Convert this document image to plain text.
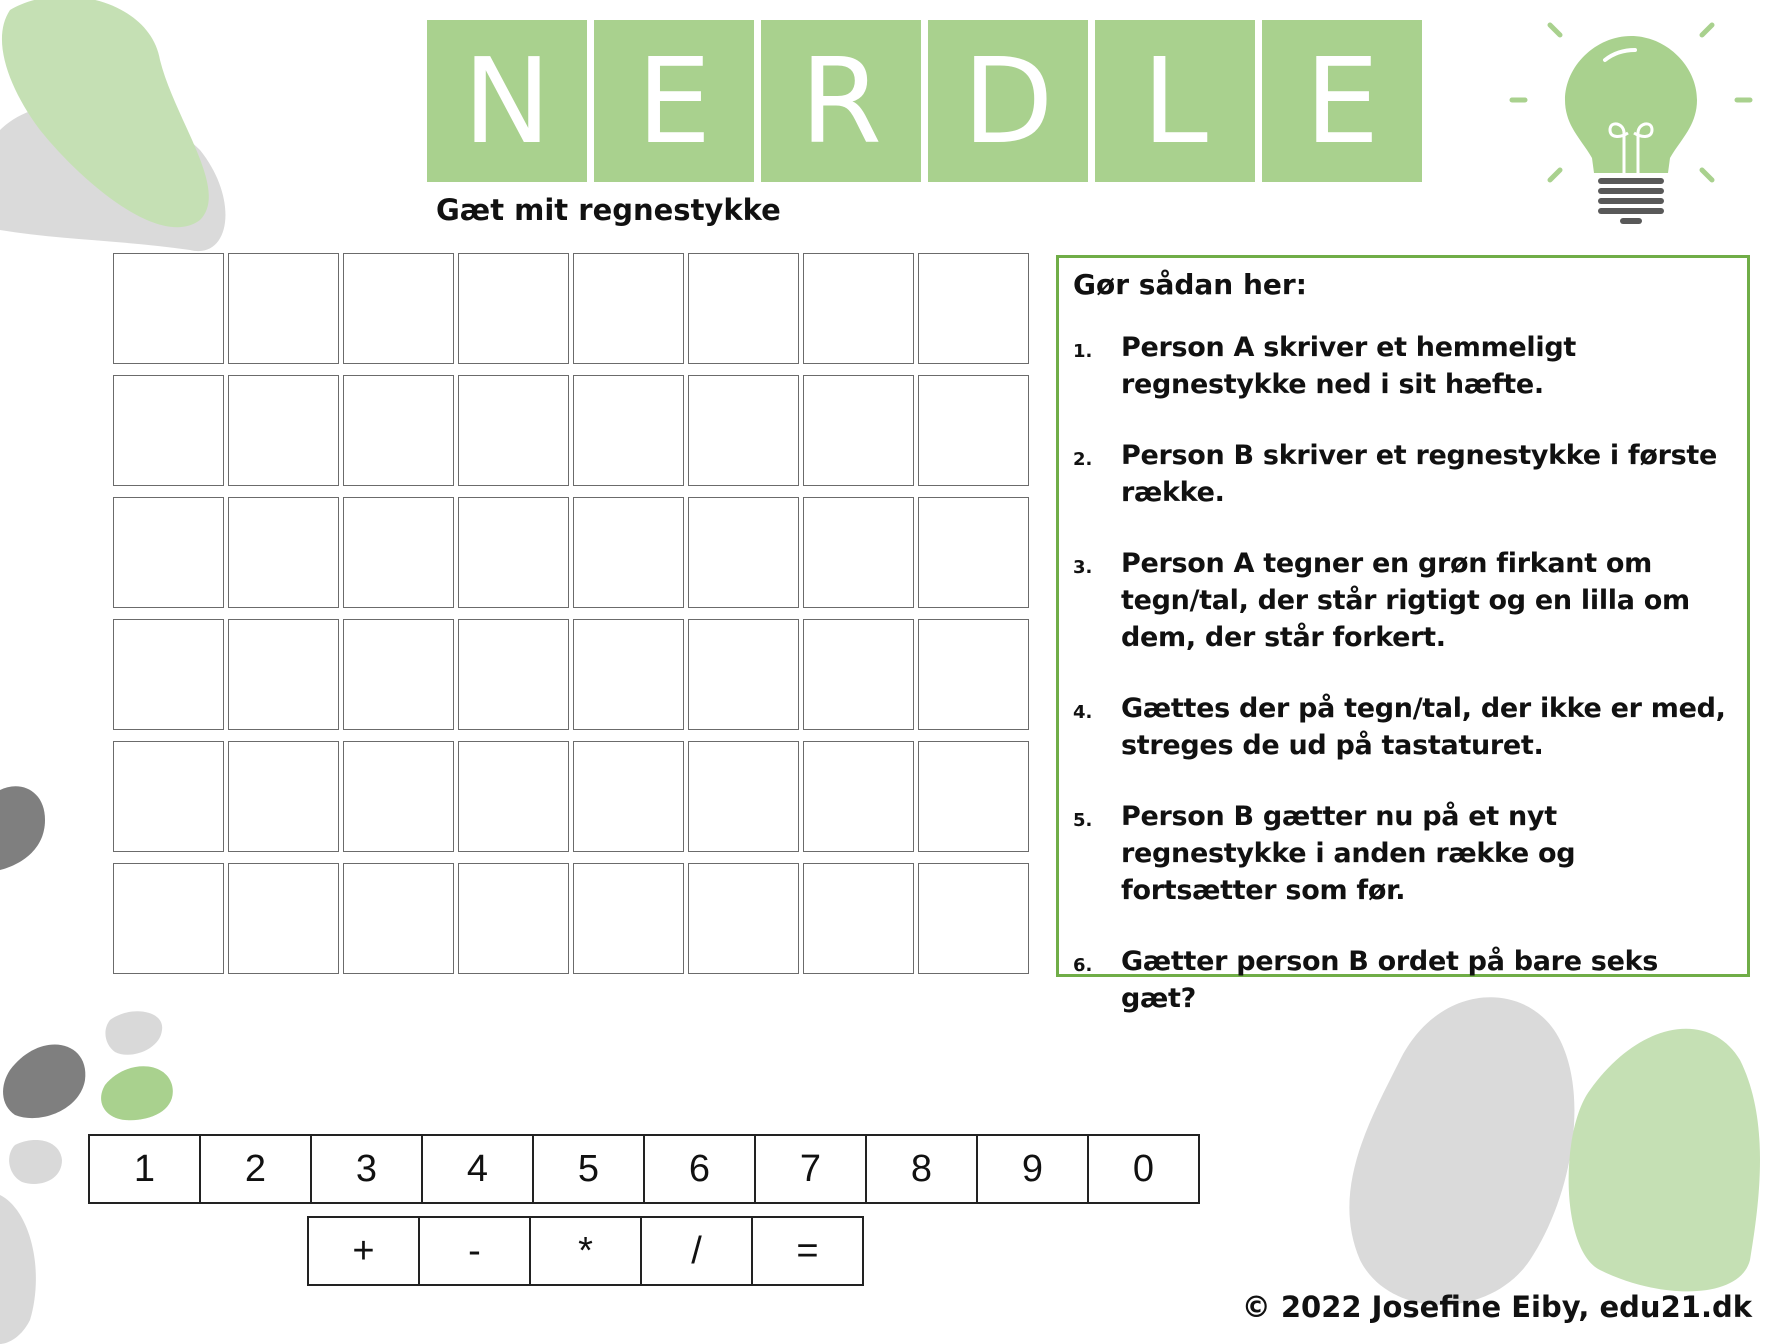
N E R D L E
Gæt mit regnestykke
Gør sådan her:
1.	Person A skriver et hemmeligt regnestykke ned i sit hæfte.
2.	Person B skriver et regnestykke i første række.
3.	Person A tegner en grøn firkant om tegn/tal, der står rigtigt og en lilla om dem, der står forkert.
4.	Gættes der på tegn/tal, der ikke er med, streges de ud på tastaturet.
5.	Person B gætter nu på et nyt regnestykke i anden række og fortsætter som før.
6.	Gætter person B ordet på bare seks gæt?
1	2	3	4	5	6	7	8	9	0
+	-	*	/	=
© 2022 Josefine Eiby, edu21.dk
